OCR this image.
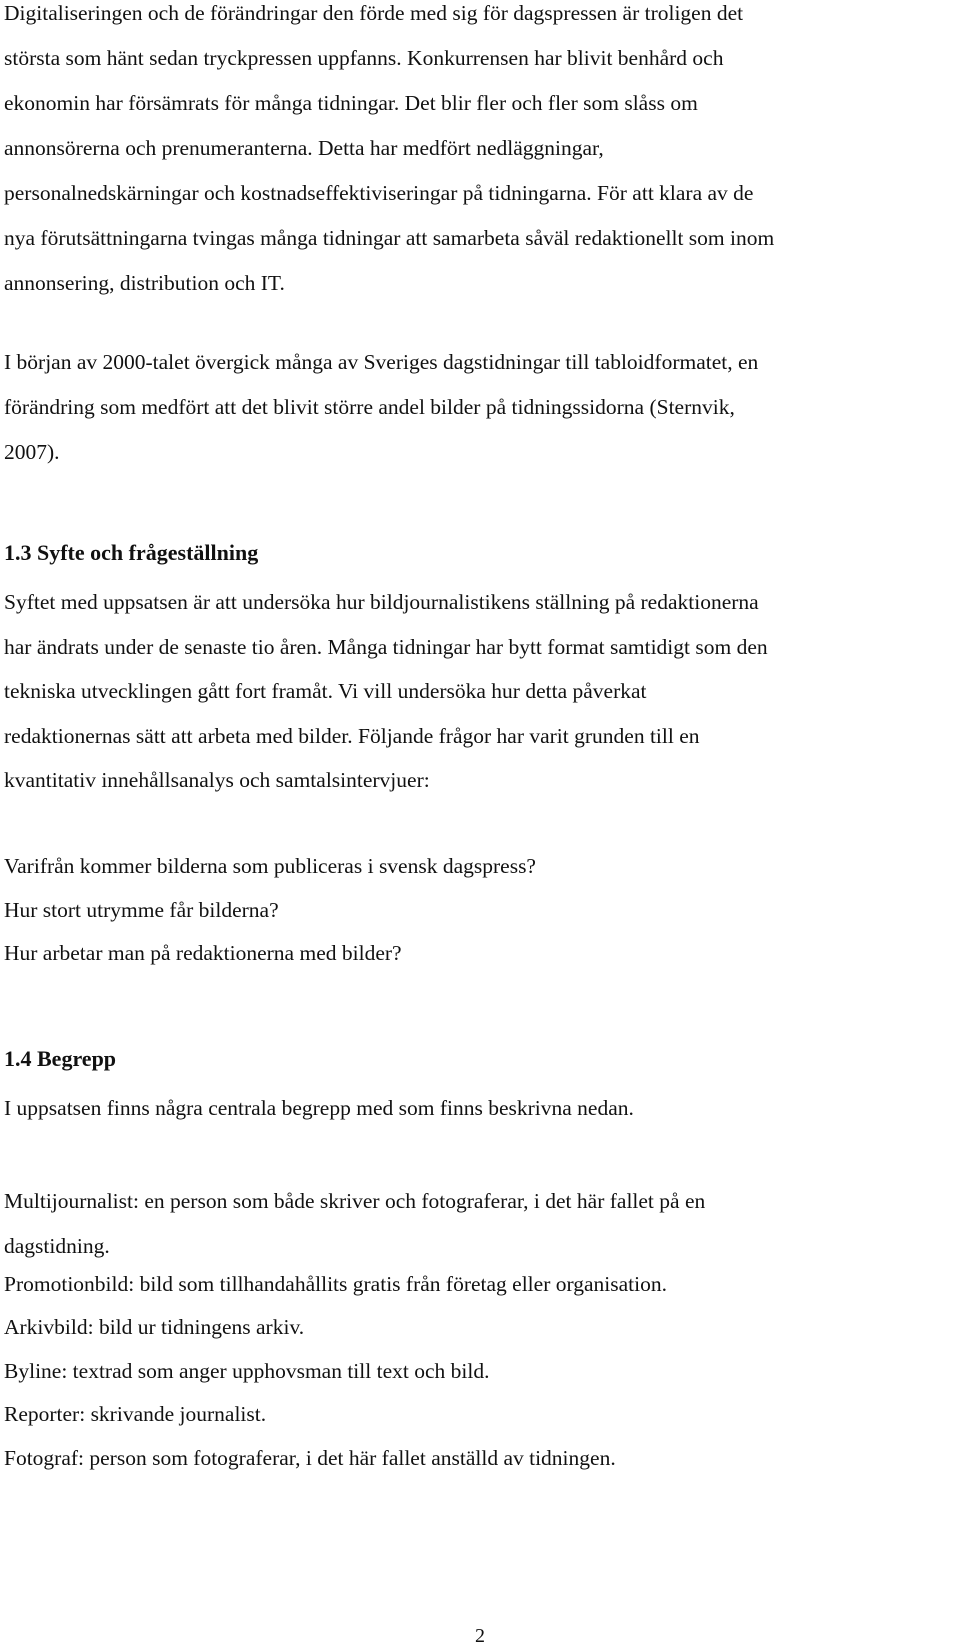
Digitaliseringen och de förändringar den förde med sig för dagspressen är troligen det
största som hänt sedan tryckpressen uppfanns. Konkurrensen har blivit benhård och
ekonomin har försämrats för många tidningar. Det blir fler och fler som slåss om
annonsörerna och prenumeranterna. Detta har medfört nedläggningar,
personalnedskärningar och kostnadseffektiviseringar på tidningarna. För att klara av de
nya förutsättningarna tvingas många tidningar att samarbeta såväl redaktionellt som inom
annonsering, distribution och IT.

I början av 2000-talet övergick många av Sveriges dagstidningar till tabloidformatet, en
förändring som medfört att det blivit större andel bilder på tidningssidorna (Sternvik,
2007).

1.3 Syfte och frågeställning

Syftet med uppsatsen är att undersöka hur bildjournalistikens ställning på redaktionerna
har ändrats under de senaste tio åren. Många tidningar har bytt format samtidigt som den
tekniska utvecklingen gått fort framåt. Vi vill undersöka hur detta påverkat
redaktionernas sätt att arbeta med bilder. Följande frågor har varit grunden till en
kvantitativ innehållsanalys och samtalsintervjuer:

Varifrån kommer bilderna som publiceras i svensk dagspress?

Hur stort utrymme får bilderna?

Hur arbetar man på redaktionerna med bilder?

1.4 Begrepp

I uppsatsen finns några centrala begrepp med som finns beskrivna nedan.

Multijournalist: en person som både skriver och fotograferar, i det här fallet på en
dagstidning.

Promotionbild: bild som tillhandahållits gratis från företag eller organisation.

Arkivbild: bild ur tidningens arkiv.

Byline: textrad som anger upphovsman till text och bild.

Reporter: skrivande journalist.

Fotograf: person som fotograferar, i det här fallet anställd av tidningen.

2
